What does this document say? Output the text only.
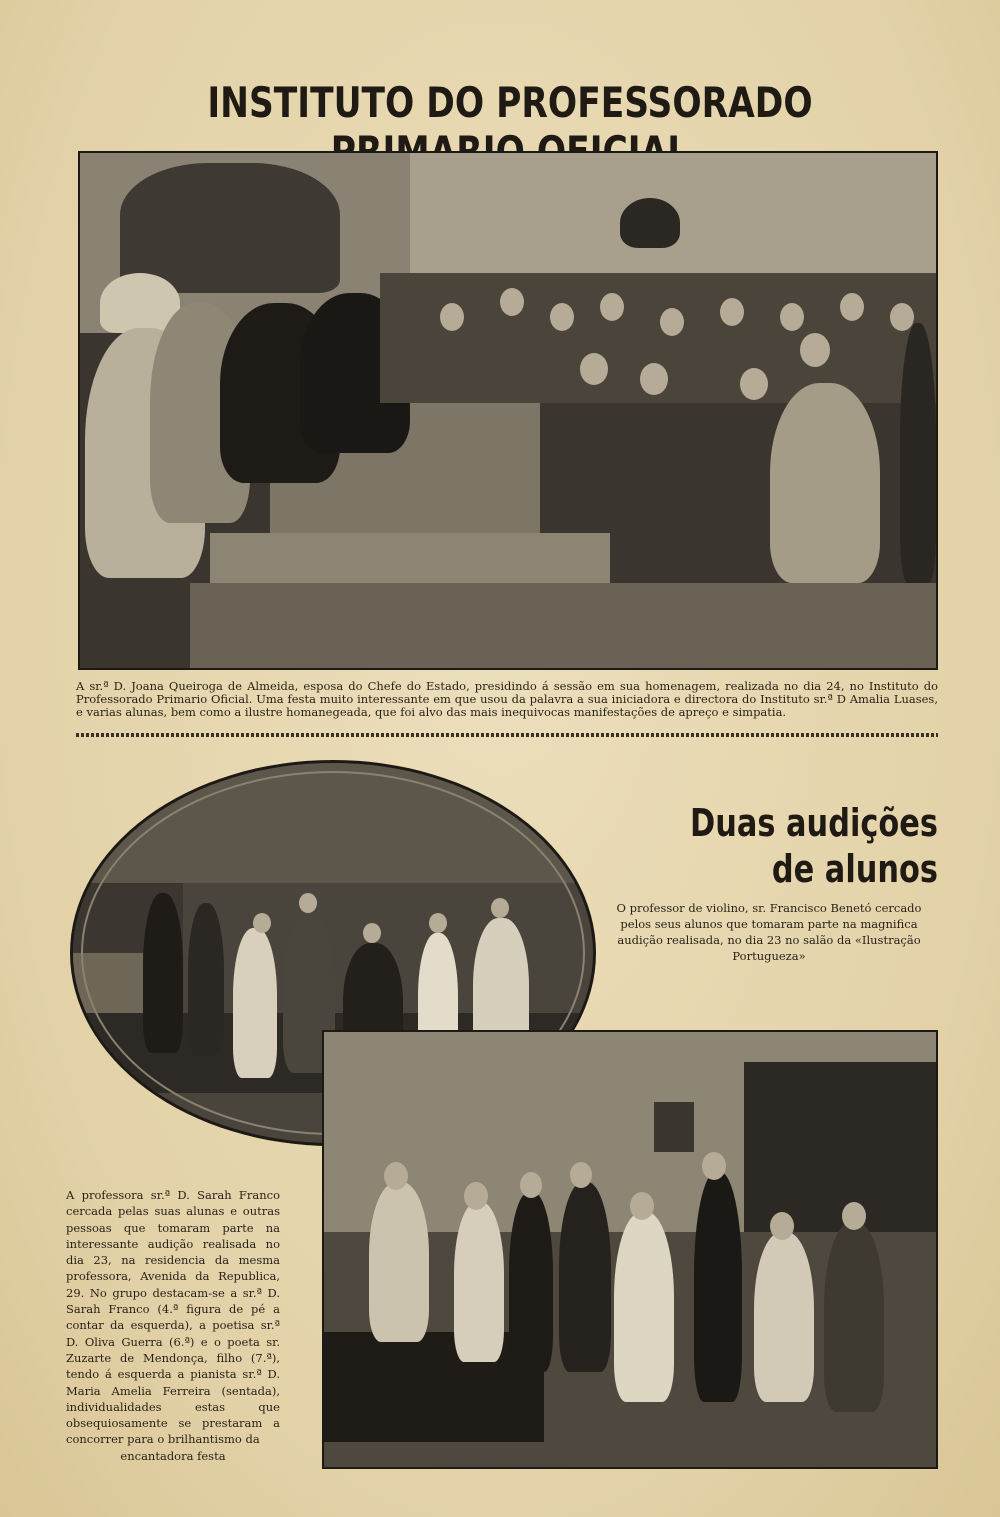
INSTITUTO DO PROFESSORADO
A sr.ª D. Joana Queiroga de Almeida, esposa do Chefe do Estado, presidindo á sessão em sua homenagem, realizada no dia 24, no Instituto do Professorado Primario Oficial. Uma festa muito interessante em que usou da palavra a sua iniciadora e directora do Instituto sr.ª D Amalia Luases, e varias alunas, bem como a ilustre homanegeada, que foi alvo das mais inequivocas manifestações de apreço e simpatia.
Duas audições
de alunos
O professor de violino, sr. Francisco Benetó cercado pelos seus alunos que tomaram parte na magnifica audição realisada, no dia 23 no salão da «Ilustração Portugueza»
A professora sr.ª D. Sarah Franco cercada pelas suas alunas e outras pessoas que tomaram parte na interessante audição realisada no dia 23, na residencia da mesma professora, Avenida da Republica, 29. No grupo destacam-se a sr.ª D. Sarah Franco (4.ª figura de pé a contar da esquerda), a poetisa sr.ª D. Oliva Guerra (6.ª) e o poeta sr. Zuzarte de Mendonça, filho (7.ª), tendo á esquerda a pianista sr.ª D. Maria Amelia Ferreira (sentada), individualidades estas que obsequiosamente se prestaram a concorrer para o brilhantismo da
encantadora festa
